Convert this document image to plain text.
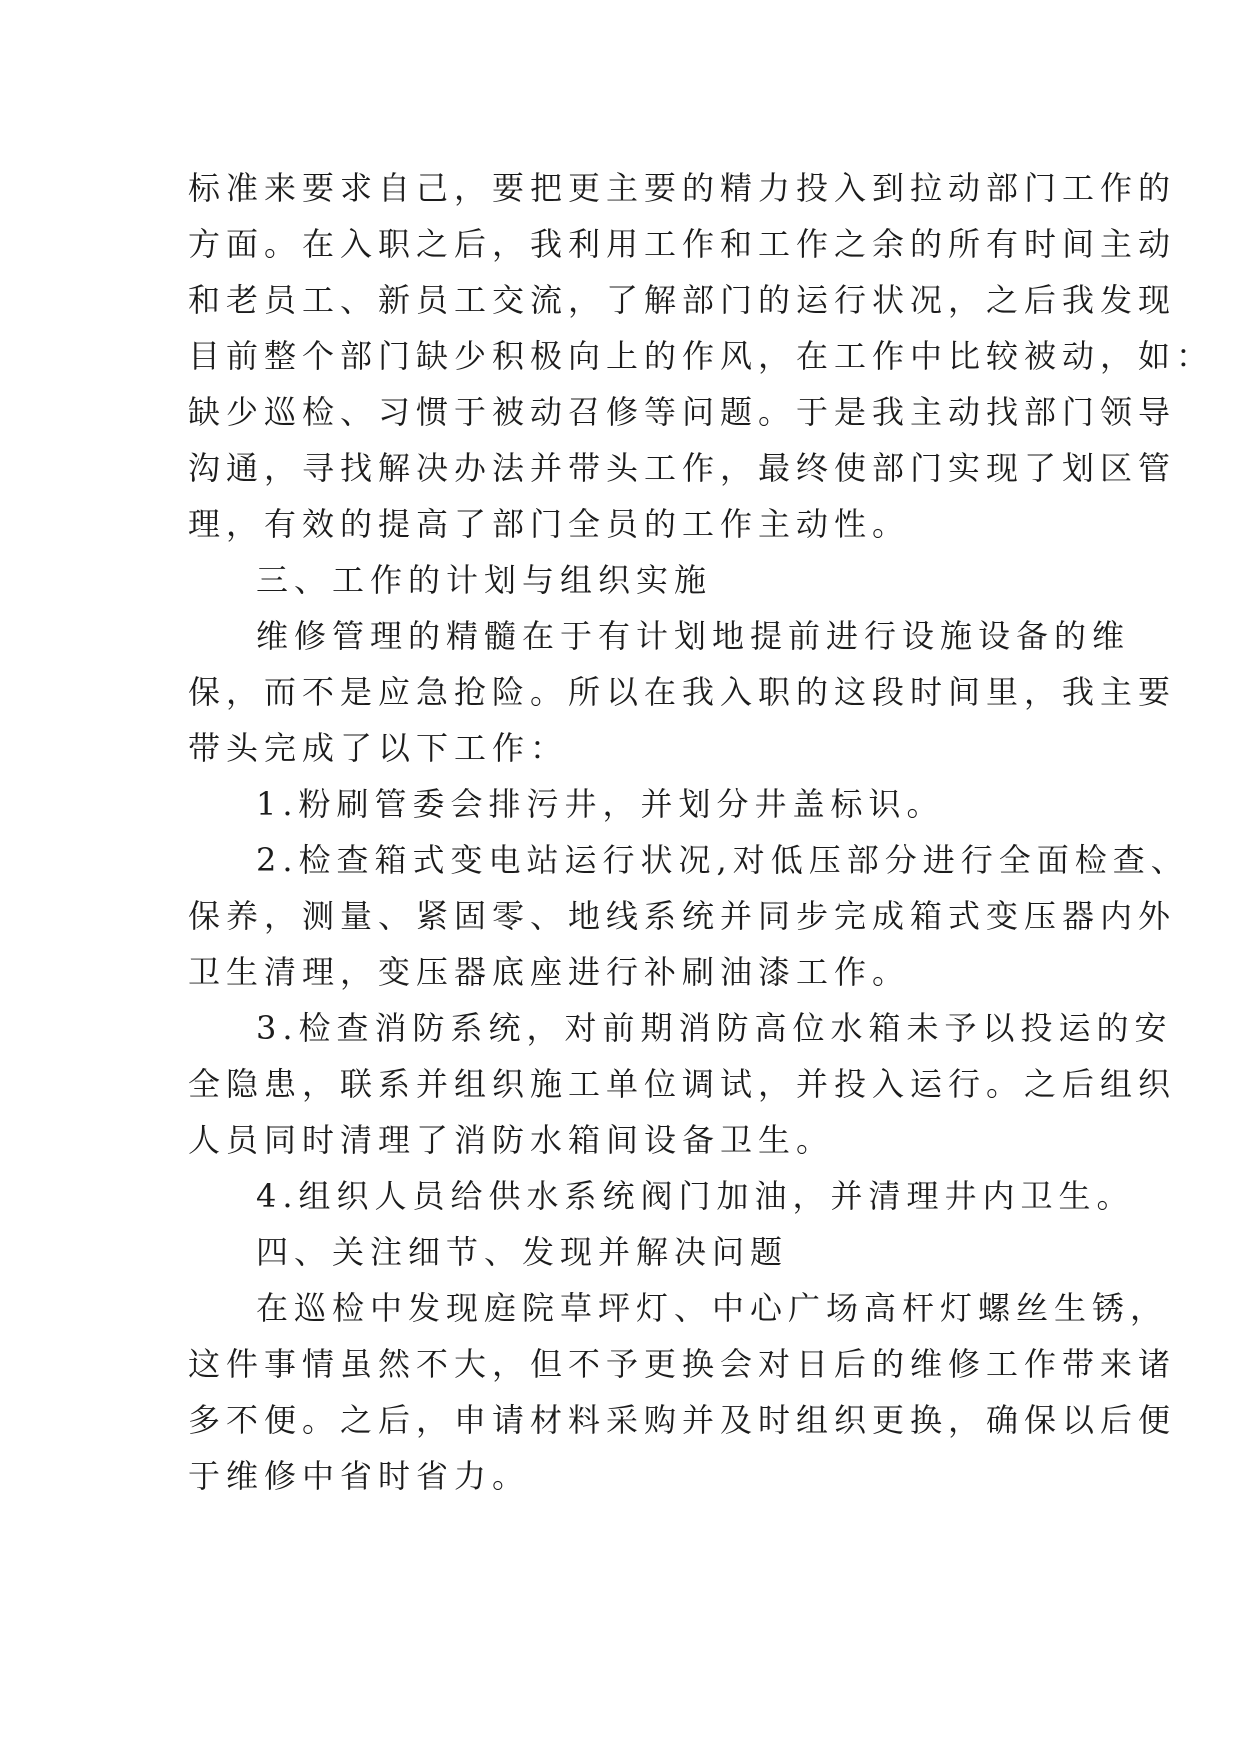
标准来要求自己，要把更主要的精力投入到拉动部门工作的
方面。在入职之后，我利用工作和工作之余的所有时间主动
和老员工、新员工交流，了解部门的运行状况，之后我发现
目前整个部门缺少积极向上的作风，在工作中比较被动，如：
缺少巡检、习惯于被动召修等问题。于是我主动找部门领导
沟通，寻找解决办法并带头工作，最终使部门实现了划区管
理，有效的提高了部门全员的工作主动性。
三、工作的计划与组织实施
维修管理的精髓在于有计划地提前进行设施设备的维
保，而不是应急抢险。所以在我入职的这段时间里，我主要
带头完成了以下工作：
1.粉刷管委会排污井，并划分井盖标识。
2.检查箱式变电站运行状况,对低压部分进行全面检查、
保养，测量、紧固零、地线系统并同步完成箱式变压器内外
卫生清理，变压器底座进行补刷油漆工作。
3.检查消防系统，对前期消防高位水箱未予以投运的安
全隐患，联系并组织施工单位调试，并投入运行。之后组织
人员同时清理了消防水箱间设备卫生。
4.组织人员给供水系统阀门加油，并清理井内卫生。
四、关注细节、发现并解决问题
在巡检中发现庭院草坪灯、中心广场高杆灯螺丝生锈，
这件事情虽然不大，但不予更换会对日后的维修工作带来诸
多不便。之后，申请材料采购并及时组织更换，确保以后便
于维修中省时省力。
